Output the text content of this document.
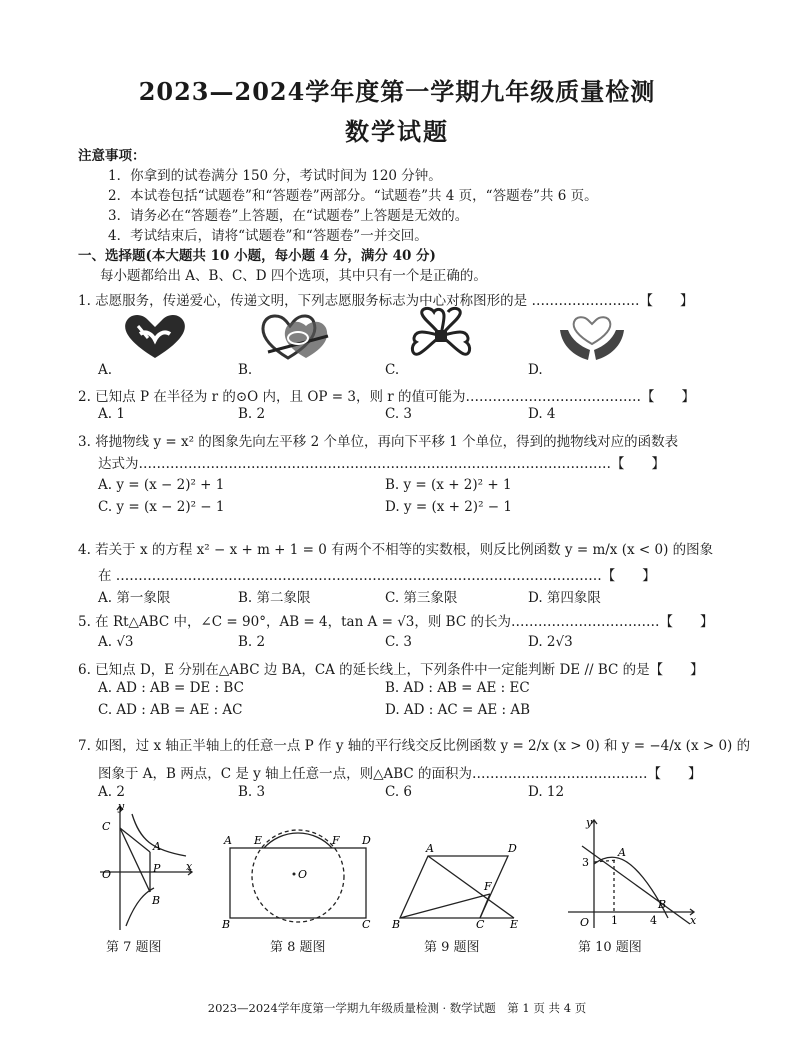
2023—2024学年度第一学期九年级质量检测
数学试题
注意事项：
1．你拿到的试卷满分 150 分，考试时间为 120 分钟。
2．本试卷包括“试题卷”和“答题卷”两部分。“试题卷”共 4 页，“答题卷”共 6 页。
3．请务必在“答题卷”上答题，在“试题卷”上答题是无效的。
4．考试结束后，请将“试题卷”和“答题卷”一并交回。
一、选择题(本大题共 10 小题，每小题 4 分，满分 40 分)
每小题都给出 A、B、C、D 四个选项，其中只有一个是正确的。
1. 志愿服务，传递爱心，传递文明，下列志愿服务标志为中心对称图形的是 ……………………【　　】
A.	B.	C.	D.
2. 已知点 P 在半径为 r 的⊙O 内，且 OP = 3，则 r 的值可能为…………………………………【　　】
A. 1	B. 2	C. 3	D. 4
3. 将抛物线 y = x² 的图象先向左平移 2 个单位，再向下平移 1 个单位，得到的抛物线对应的函数表
达式为……………………………………………………………………………………………【　　】
A. y = (x − 2)² + 1	B. y = (x + 2)² + 1
C. y = (x − 2)² − 1	D. y = (x + 2)² − 1
4. 若关于 x 的方程 x² − x + m + 1 = 0 有两个不相等的实数根，则反比例函数 y = m/x (x < 0) 的图象
在 ………………………………………………………………………………………………【　　】
A. 第一象限	B. 第二象限	C. 第三象限	D. 第四象限
5. 在 Rt△ABC 中，∠C = 90°，AB = 4，tan A = √3，则 BC 的长为……………………………【　　】
A. √3	B. 2	C. 3	D. 2√3
6. 已知点 D，E 分别在△ABC 边 BA，CA 的延长线上，下列条件中一定能判断 DE // BC 的是【　　】
A. AD : AB = DE : BC	B. AD : AB = AE : EC
C. AD : AB = AE : AC	D. AD : AC = AE : AB
7. 如图，过 x 轴正半轴上的任意一点 P 作 y 轴的平行线交反比例函数 y = 2/x (x > 0) 和 y = −4/x (x > 0) 的
图象于 A，B 两点，C 是 y 轴上任意一点，则△ABC 的面积为…………………………………【　　】
A. 2	B. 3	C. 6	D. 12
y
x
O
C
A
P
B
第 7 题图
A E	F D
B	C
O
第 8 题图
A	D
F
B	C E
第 9 题图
y
x
O
A
B
3
1	4
第 10 题图
2023—2024学年度第一学期九年级质量检测 · 数学试题　第 1 页 共 4 页
